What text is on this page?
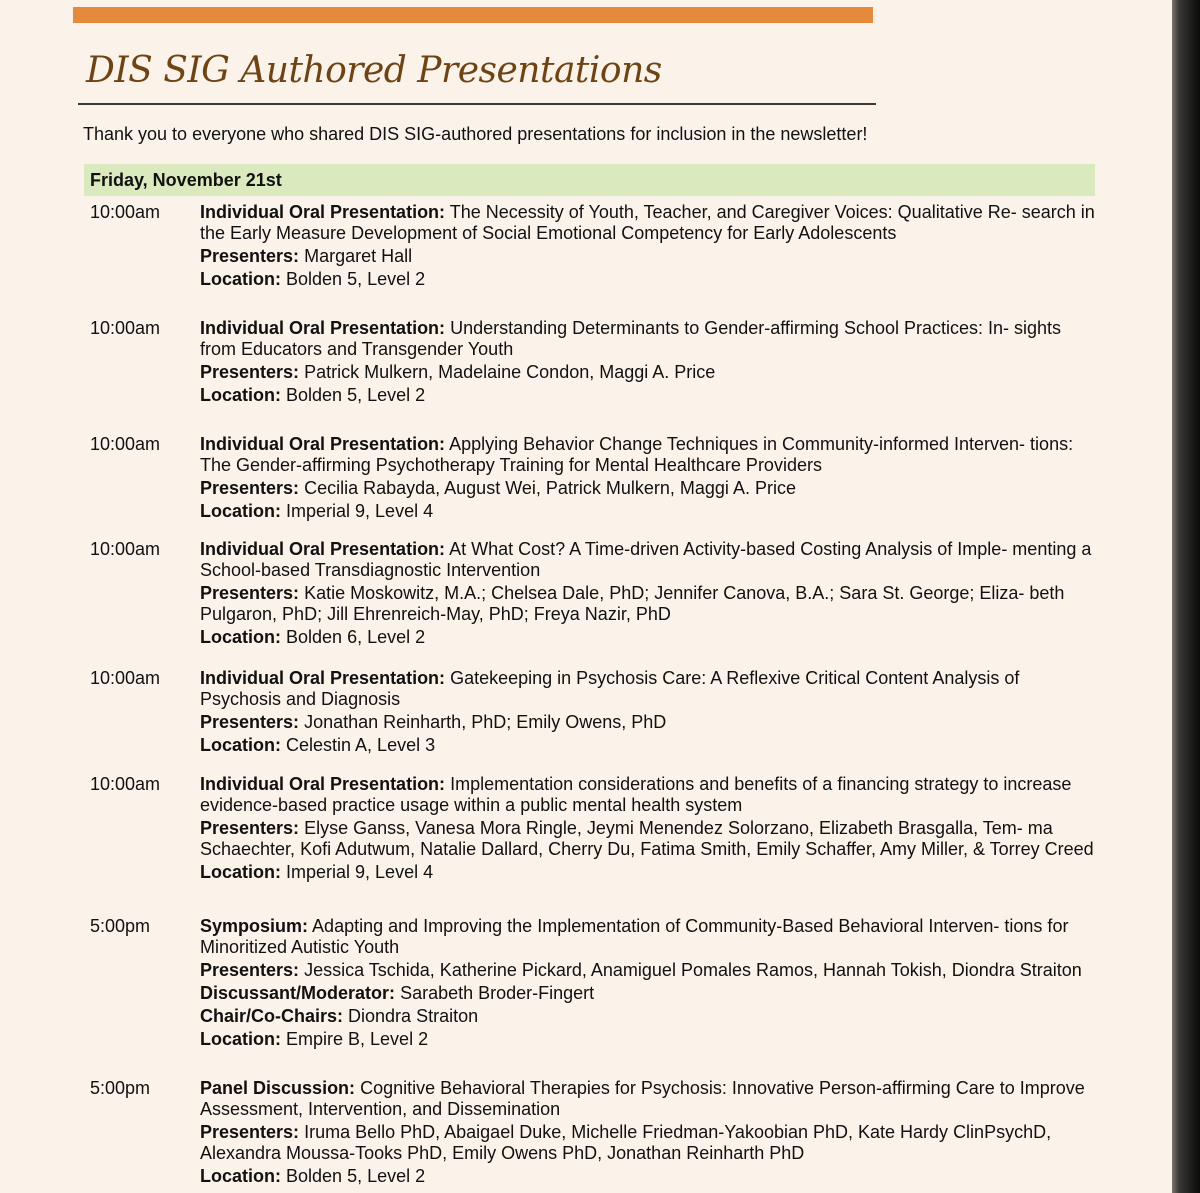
DIS SIG Authored Presentations

Thank you to everyone who shared DIS SIG-authored presentations for inclusion in the newsletter!

Friday, November 21st
10:00am Individual Oral Presentation: The Necessity of Youth, Teacher, and Caregiver Voices: Qualitative Re- search in the Early Measure Development of Social Emotional Competency for Early Adolescents

Presenters: Margaret Hall

Location: Bolden 5, Level 2

10:00am Individual Oral Presentation: Understanding Determinants to Gender-affirming School Practices: In- sights from Educators and Transgender Youth

Presenters: Patrick Mulkern, Madelaine Condon, Maggi A. Price

Location: Bolden 5, Level 2

10:00am Individual Oral Presentation: Applying Behavior Change Techniques in Community-informed Interven- tions: The Gender-affirming Psychotherapy Training for Mental Healthcare Providers

Presenters: Cecilia Rabayda, August Wei, Patrick Mulkern, Maggi A. Price

Location: Imperial 9, Level 4

10:00am Individual Oral Presentation: At What Cost? A Time-driven Activity-based Costing Analysis of Imple- menting a School-based Transdiagnostic Intervention

Presenters: Katie Moskowitz, M.A.; Chelsea Dale, PhD; Jennifer Canova, B.A.; Sara St. George; Eliza- beth Pulgaron, PhD; Jill Ehrenreich-May, PhD; Freya Nazir, PhD

Location: Bolden 6, Level 2

10:00am Individual Oral Presentation: Gatekeeping in Psychosis Care: A Reflexive Critical Content Analysis of Psychosis and Diagnosis

Presenters: Jonathan Reinharth, PhD; Emily Owens, PhD

Location: Celestin A, Level 3

10:00am Individual Oral Presentation: Implementation considerations and benefits of a financing strategy to increase evidence-based practice usage within a public mental health system

Presenters: Elyse Ganss, Vanesa Mora Ringle, Jeymi Menendez Solorzano, Elizabeth Brasgalla, Tem- ma Schaechter, Kofi Adutwum, Natalie Dallard, Cherry Du, Fatima Smith, Emily Schaffer, Amy Miller, & Torrey Creed

Location: Imperial 9, Level 4

5:00pm	Symposium: Adapting and Improving the Implementation of Community-Based Behavioral Interven- tions for Minoritized Autistic Youth

Presenters: Jessica Tschida, Katherine Pickard, Anamiguel Pomales Ramos, Hannah Tokish, Diondra Straiton

Discussant/Moderator: Sarabeth Broder-Fingert

Chair/Co-Chairs: Diondra Straiton

Location: Empire B, Level 2

5:00pm	Panel Discussion: Cognitive Behavioral Therapies for Psychosis: Innovative Person-affirming Care to Improve Assessment, Intervention, and Dissemination

Presenters: Iruma Bello PhD, Abaigael Duke, Michelle Friedman-Yakoobian PhD, Kate Hardy ClinPsychD, Alexandra Moussa-Tooks PhD, Emily Owens PhD, Jonathan Reinharth PhD

Location: Bolden 5, Level 2
